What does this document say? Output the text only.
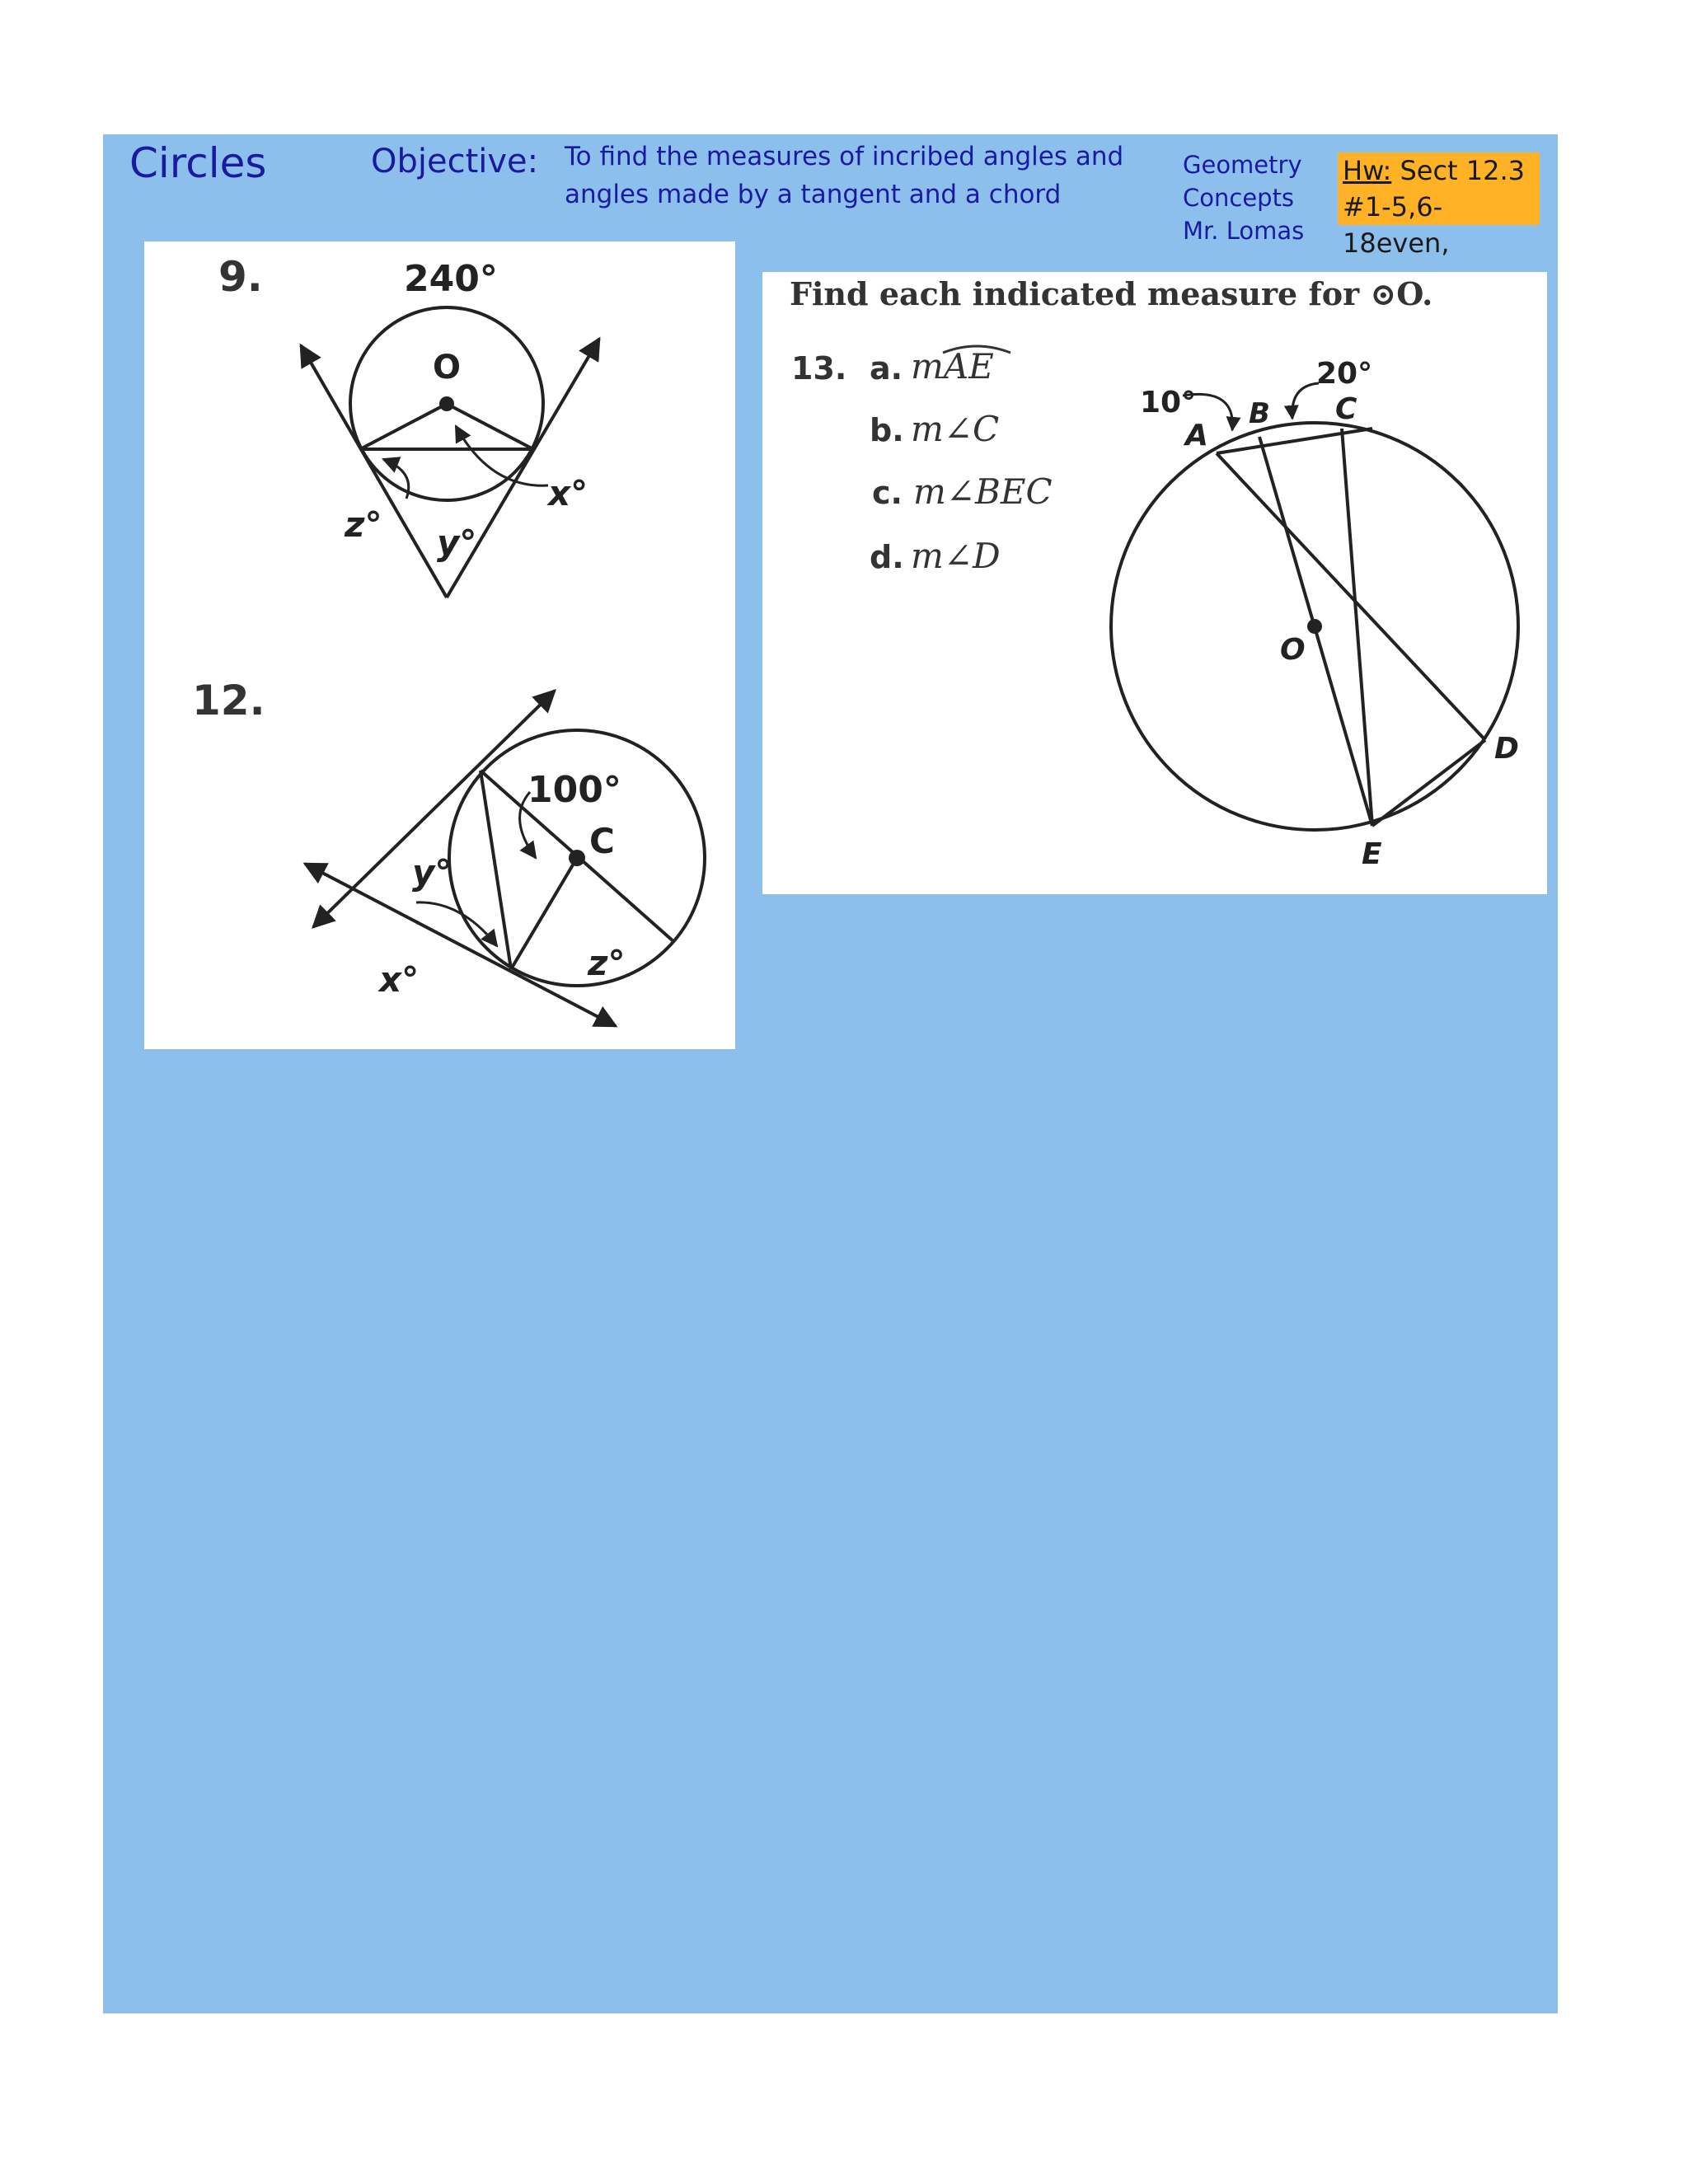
Circles	Objective: To find the measures of incribed angles and angles made by a tangent and a chord
Geometry
Concepts
Mr. Lomas
Hw: Sect 12.3
#1-5,6-18even,
9.
12.
240°
O
x°
y°
z°
100°
C
x°
y°
z°
Find each indicated measure for ⊙O.
13. a. mAE
b. m∠C
c. m∠BEC
d. m∠D
10°
20°
A
B C
D
E
O
